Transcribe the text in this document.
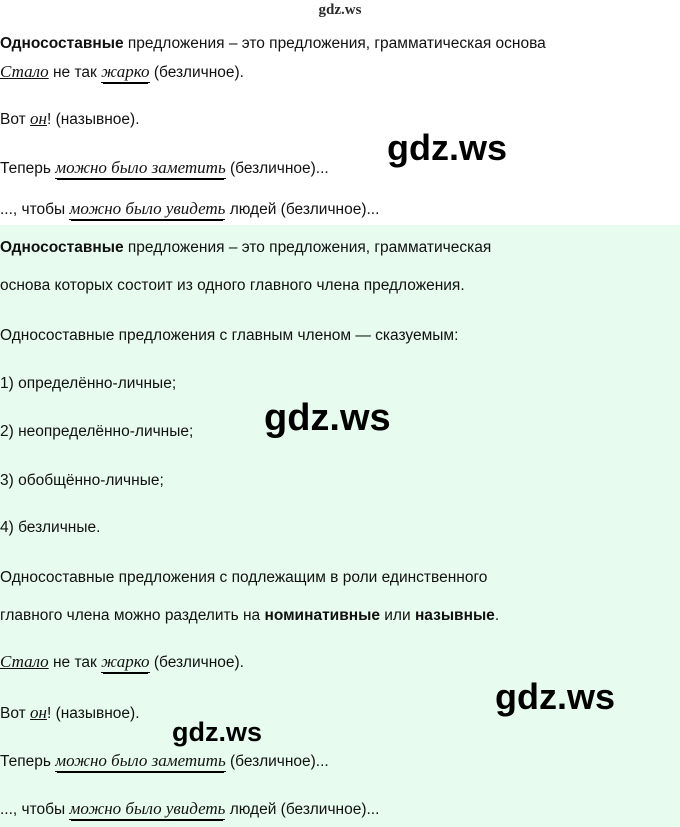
gdz.ws
Односоставные предложения – это предложения, грамматическая основа
Стало не так жарко (безличное).
Вот он! (назывное).
Теперь можно было заметить (безличное)...
..., чтобы можно было увидеть людей (безличное)...
Односоставные предложения – это предложения, грамматическая
основа которых состоит из одного главного члена предложения.
Односоставные предложения с главным членом — сказуемым:
1) определённо-личные;
2) неопределённо-личные;
3) обобщённо-личные;
4) безличные.
Односоставные предложения с подлежащим в роли единственного
главного члена можно разделить на номинативные или назывные.
Стало не так жарко (безличное).
Вот он! (назывное).
Теперь можно было заметить (безличное)...
..., чтобы можно было увидеть людей (безличное)...
gdz.ws
gdz.ws
gdz.ws
gdz.ws
